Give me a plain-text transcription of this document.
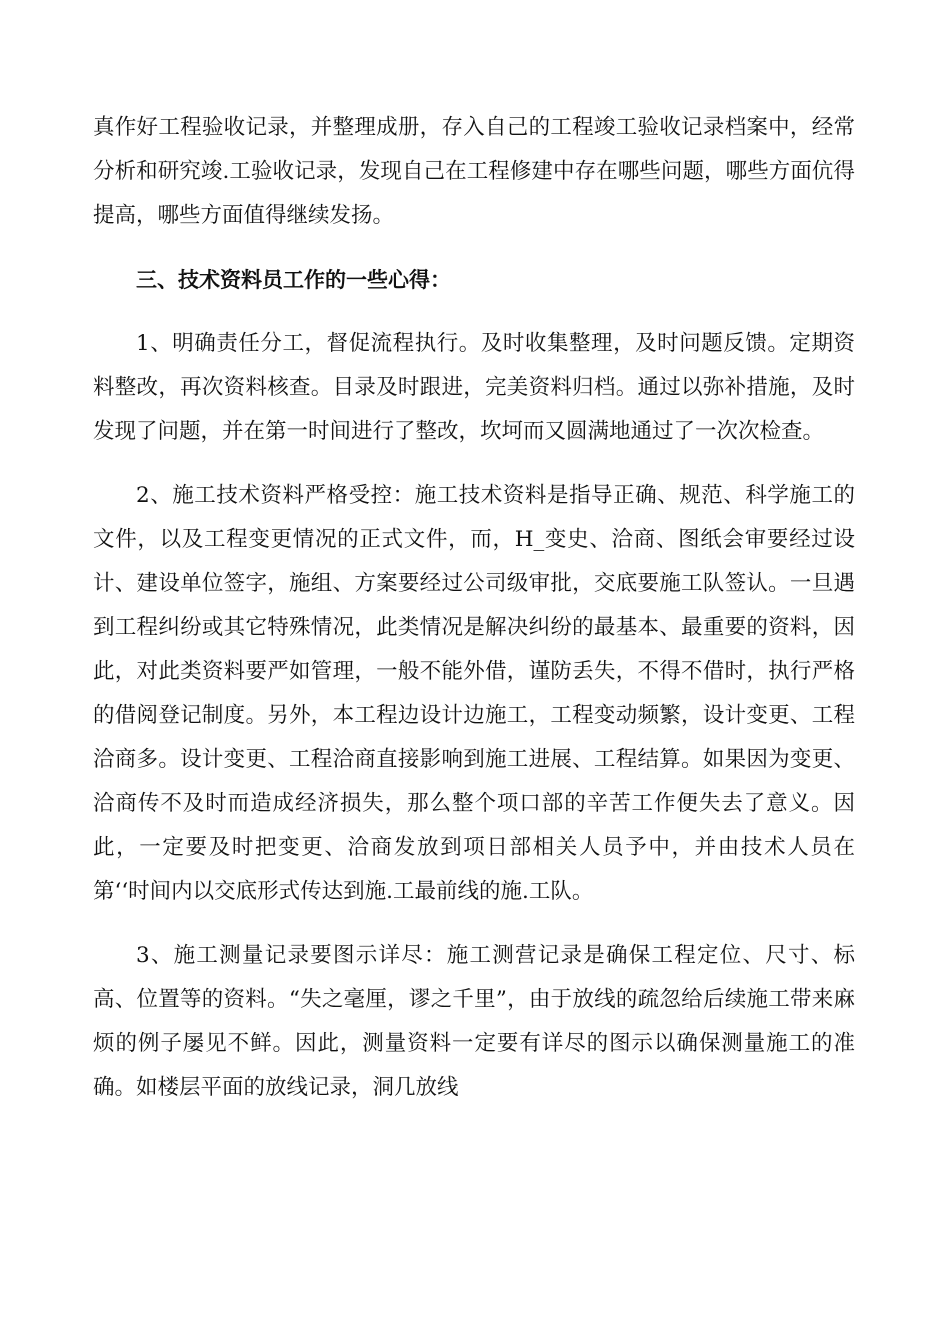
真作好工程验收记录，并整理成册，存入自己的工程竣工验收记录档案中，经常分析和研究竣.工验收记录，发现自己在工程修建中存在哪些问题，哪些方面伉得提高，哪些方面值得继续发扬。

三、技术资料员工作的一些心得：

1、明确责任分工，督促流程执行。及时收集整理，及时问题反馈。定期资料整改，再次资料核查。目录及时跟进，完美资料归档。通过以弥补措施，及时发现了问题，并在第一时间进行了整改，坎坷而又圆满地通过了一次次检查。

2、施工技术资料严格受控：施工技术资料是指导正确、规范、科学施工的文件，以及工程变更情况的正式文件，而，H_变史、洽商、图纸会审要经过设计、建设单位签字，施组、方案要经过公司级审批，交底要施工队签认。一旦遇到工程纠纷或其它特殊情况，此类情况是解决纠纷的最基本、最重要的资料，因此，对此类资料要严如管理，一般不能外借，谨防丢失，不得不借时，执行严格的借阅登记制度。另外，本工程边设计边施工，工程变动频繁，设计变更、工程洽商多。设计变更、工程洽商直接影响到施工进展、工程结算。如果因为变更、洽商传不及时而造成经济损失，那么整个项口部的辛苦工作便失去了意义。因此，一定要及时把变更、洽商发放到项日部相关人员予中，并由技术人员在第‘‘时间内以交底形式传达到施.工最前线的施.工队。

3、施工测量记录要图示详尽：施工测营记录是确保工程定位、尺寸、标高、位置等的资料。“失之毫厘，谬之千里”，由于放线的疏忽给后续施工带来麻烦的例子屡见不鲜。因此，测量资料一定要有详尽的图示以确保测量施工的准确。如楼层平面的放线记录，洞几放线
